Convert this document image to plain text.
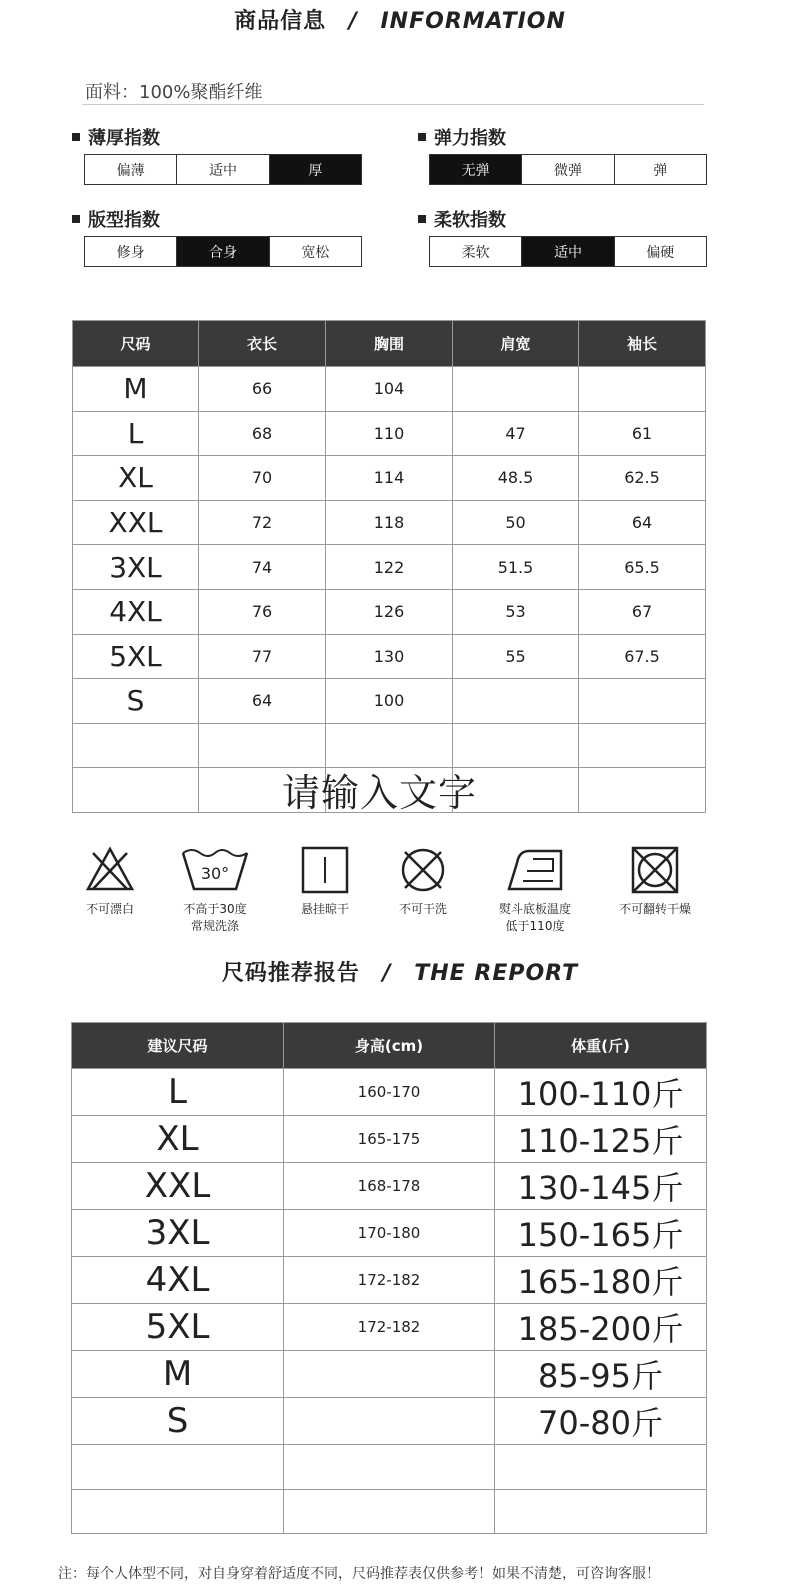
商品信息 / INFORMATION
面料：100%聚酯纤维
薄厚指数
偏薄	适中	厚
弹力指数
无弹	微弹	弹
版型指数
修身	合身	宽松
柔软指数
柔软	适中	偏硬
尺码	衣长	胸围	肩宽	袖长
M	66	104		
L	68	110	47	61
XL	70	114	48.5	62.5
XXL	72	118	50	64
3XL	74	122	51.5	65.5
4XL	76	126	53	67
5XL	77	130	55	67.5
S	64	100		

请输入文字
不可漂白
30°
不高于30度
常规洗涤
悬挂晾干	不可干洗	熨斗底板温度
低于110度
不可翻转干燥
尺码推荐报告 / THE REPORT
建议尺码	身高(cm)	体重(斤)
L	160-170	100-110斤
XL	165-175	110-125斤
XXL	168-178	130-145斤
3XL	170-180	150-165斤
4XL	172-182	165-180斤
5XL	172-182	185-200斤
M		85-95斤
S		70-80斤

注：每个人体型不同，对自身穿着舒适度不同，尺码推荐表仅供参考！如果不清楚，可咨询客服！
